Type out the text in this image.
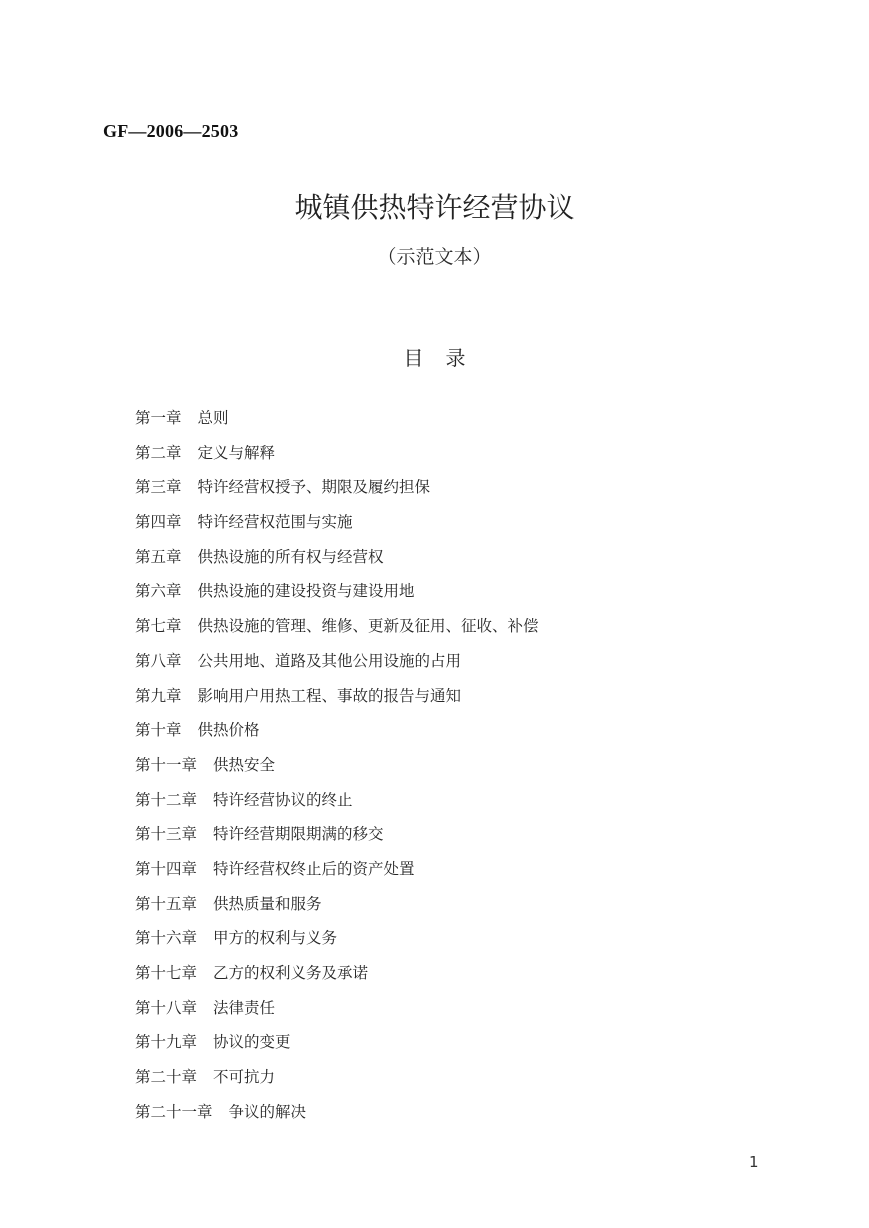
GF—2006—2503
城镇供热特许经营协议
（示范文本）
目 录
第一章 总则
第二章 定义与解释
第三章 特许经营权授予、期限及履约担保
第四章 特许经营权范围与实施
第五章 供热设施的所有权与经营权
第六章 供热设施的建设投资与建设用地
第七章 供热设施的管理、维修、更新及征用、征收、补偿
第八章 公共用地、道路及其他公用设施的占用
第九章 影响用户用热工程、事故的报告与通知
第十章 供热价格
第十一章 供热安全
第十二章 特许经营协议的终止
第十三章 特许经营期限期满的移交
第十四章 特许经营权终止后的资产处置
第十五章 供热质量和服务
第十六章 甲方的权利与义务
第十七章 乙方的权利义务及承诺
第十八章 法律责任
第十九章 协议的变更
第二十章 不可抗力
第二十一章 争议的解决
1
